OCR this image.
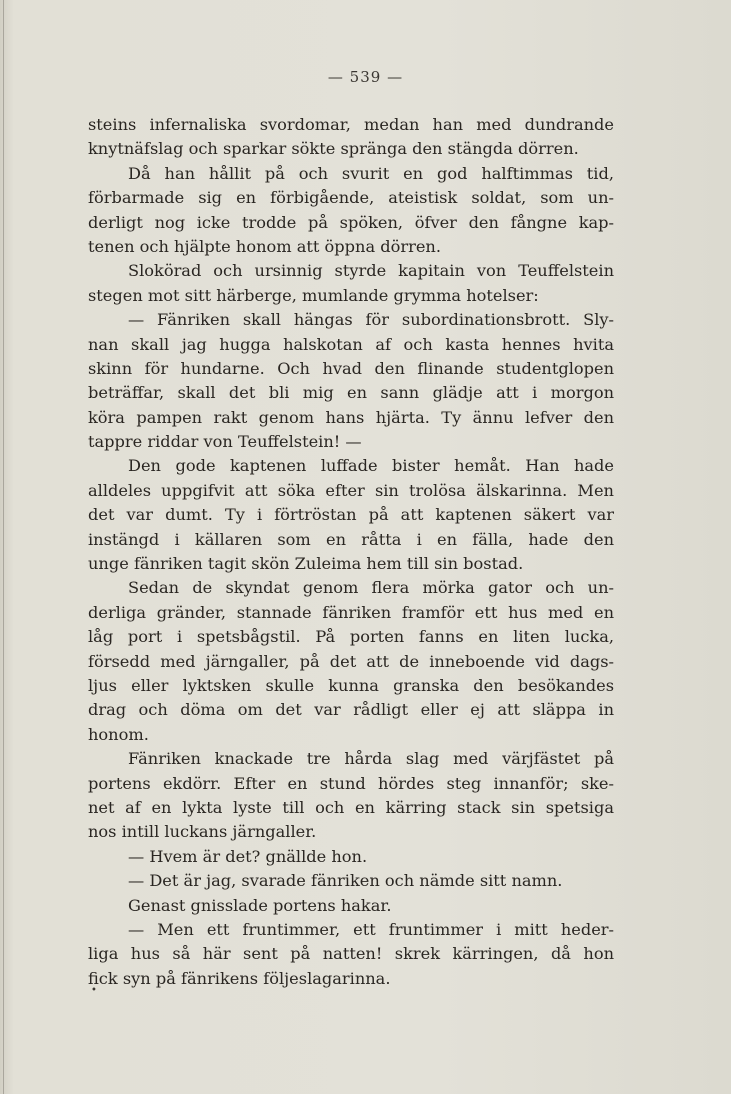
— 539 —
steins infernaliska svordomar, medan han med dundrande
knytnäfslag och sparkar sökte spränga den stängda dörren.
Då han hållit på och svurit en god halftimmas tid,
förbarmade sig en förbigående, ateistisk soldat, som un-
derligt nog icke trodde på spöken, öfver den fångne kap-
tenen och hjälpte honom att öppna dörren.
Slokörad och ursinnig styrde kapitain von Teuffelstein
stegen mot sitt härberge, mumlande grymma hotelser:
— Fänriken skall hängas för subordinationsbrott. Sly-
nan skall jag hugga halskotan af och kasta hennes hvita
skinn för hundarne. Och hvad den flinande studentglopen
beträffar, skall det bli mig en sann glädje att i morgon
köra pampen rakt genom hans hjärta. Ty ännu lefver den
tappre riddar von Teuffelstein! —
Den gode kaptenen luffade bister hemåt. Han hade
alldeles uppgifvit att söka efter sin trolösa älskarinna. Men
det var dumt. Ty i förtröstan på att kaptenen säkert var
instängd i källaren som en råtta i en fälla, hade den
unge fänriken tagit skön Zuleima hem till sin bostad.
Sedan de skyndat genom flera mörka gator och un-
derliga gränder, stannade fänriken framför ett hus med en
låg port i spetsbågstil. På porten fanns en liten lucka,
försedd med järngaller, på det att de inneboende vid dags-
ljus eller lyktsken skulle kunna granska den besökandes
drag och döma om det var rådligt eller ej att släppa in
honom.
Fänriken knackade tre hårda slag med värjfästet på
portens ekdörr. Efter en stund hördes steg innanför; ske-
net af en lykta lyste till och en kärring stack sin spetsiga
nos intill luckans järngaller.
— Hvem är det? gnällde hon.
— Det är jag, svarade fänriken och nämde sitt namn.
Genast gnisslade portens hakar.
— Men ett fruntimmer, ett fruntimmer i mitt heder-
liga hus så här sent på natten! skrek kärringen, då hon
fick syn på fänrikens följeslagarinna.
•
